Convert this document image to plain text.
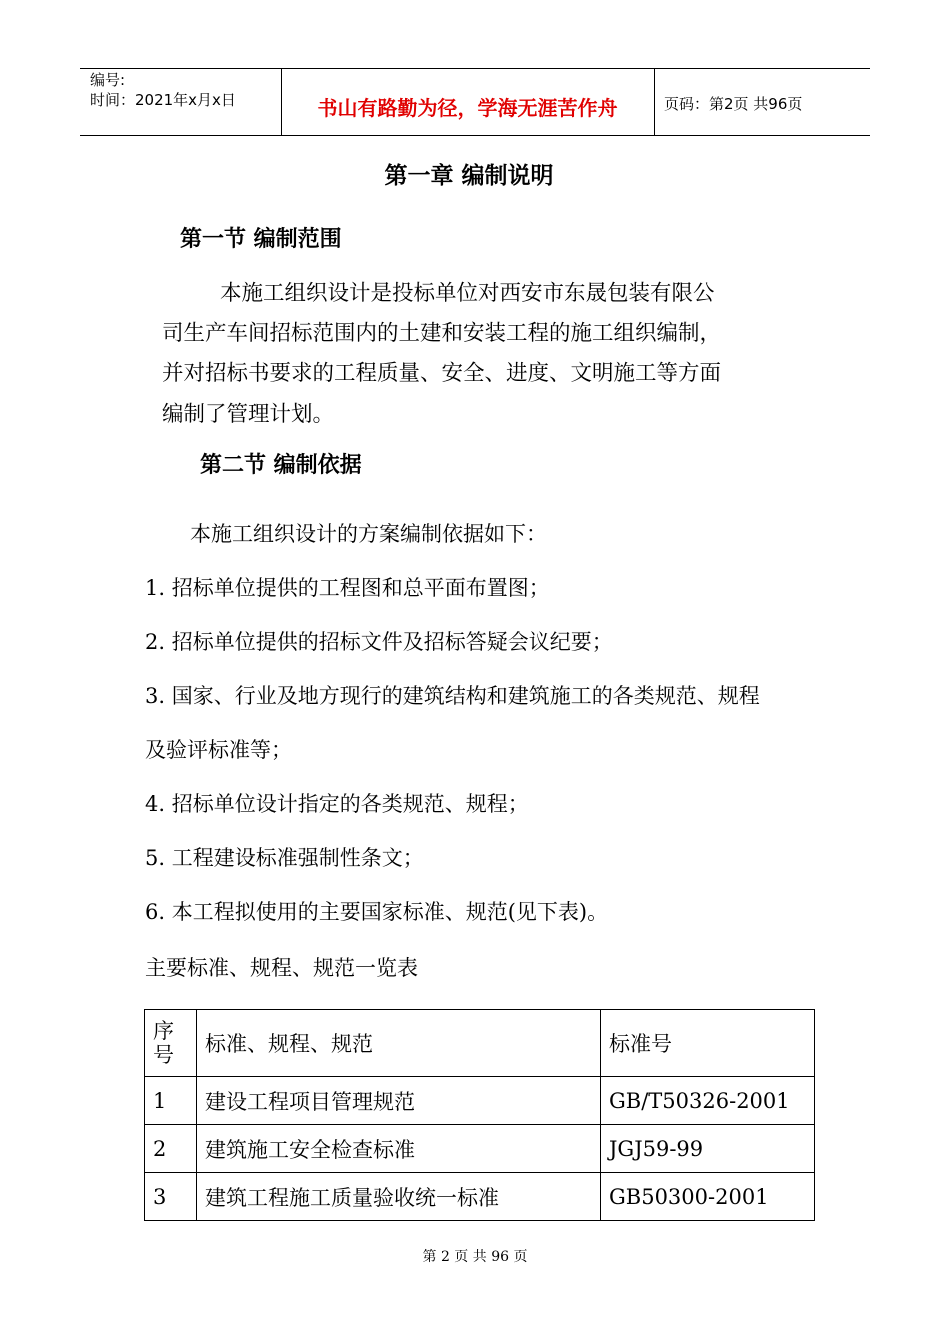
编号:
时间：2021年x月x日	书山有路勤为径，学海无涯苦作舟	页码：第2页 共96页
第一章 编制说明
第一节 编制范围
本施工组织设计是投标单位对西安市东晟包装有限公
司生产车间招标范围内的土建和安装工程的施工组织编制，
并对招标书要求的工程质量、安全、进度、文明施工等方面
编制了管理计划。
第二节 编制依据
本施工组织设计的方案编制依据如下：
1. 招标单位提供的工程图和总平面布置图；
2. 招标单位提供的招标文件及招标答疑会议纪要；
3. 国家、行业及地方现行的建筑结构和建筑施工的各类规范、规程
及验评标准等；
4. 招标单位设计指定的各类规范、规程；
5. 工程建设标准强制性条文；
6. 本工程拟使用的主要国家标准、规范(见下表)。
主要标准、规程、规范一览表
序号	标准、规程、规范	标准号
1	建设工程项目管理规范	GB/T50326-2001
2	建筑施工安全检查标准	JGJ59-99
3	建筑工程施工质量验收统一标准	GB50300-2001
第 2 页 共 96 页
